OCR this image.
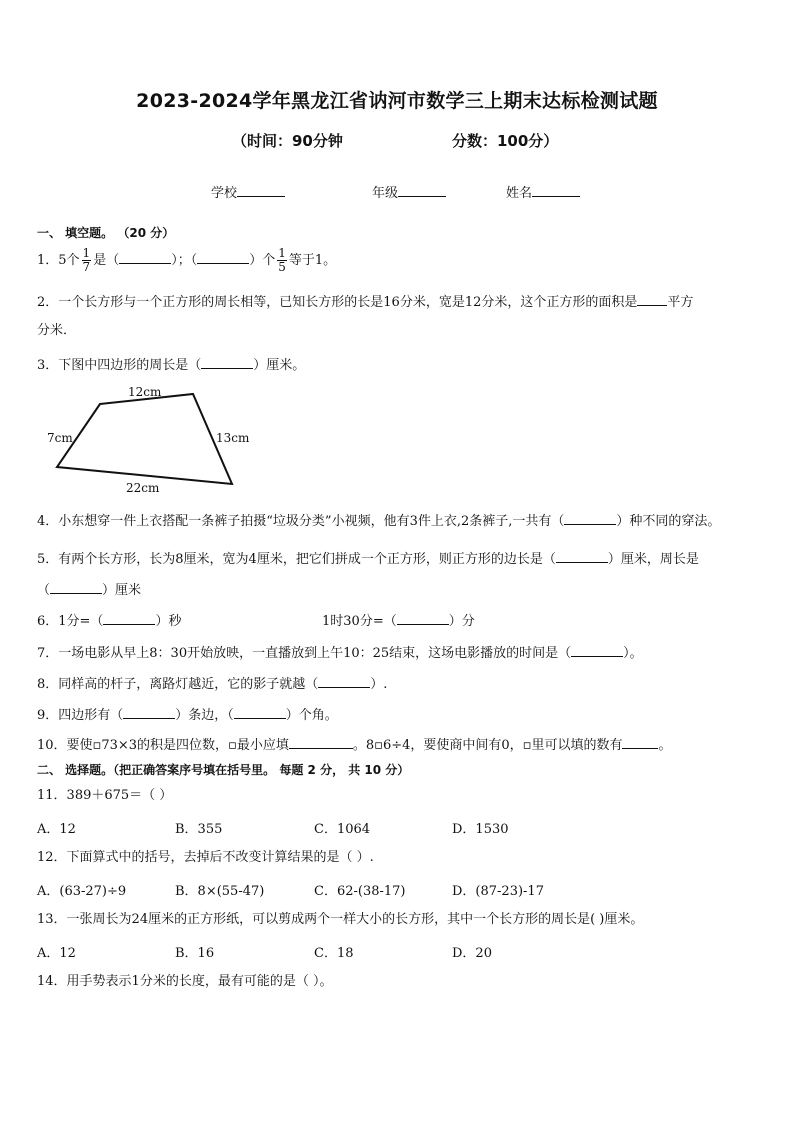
2023-2024学年黑龙江省讷河市数学三上期末达标检测试题
（时间：90分钟	分数：100分）
学校	年级	姓名
一、 填空题。 （20 分）
1．5个 $\frac{1}{7}$ 是（	）；（	）个 $\frac{1}{5}$ 等于1。
2．一个长方形与一个正方形的周长相等，已知长方形的长是16分米，宽是12分米，这个正方形的面积是 平方
分米．
3．下图中四边形的周长是（	）厘米。
12cm
7cm	13cm
22cm
4．小东想穿一件上衣搭配一条裤子拍摄“垃圾分类”小视频，他有3件上衣,2条裤子,一共有（	）种不同的穿法。
5．有两个长方形，长为8厘米，宽为4厘米，把它们拼成一个正方形，则正方形的边长是（	）厘米，周长是
（	）厘米
6．1分=（	）秒	1时30分=（	）分
7．一场电影从早上8：30开始放映，一直播放到上午10：25结束，这场电影播放的时间是（	）。
8．同样高的杆子，离路灯越近，它的影子就越（	）.
9．四边形有（	）条边，（	）个角。
10．要使▫73×3的积是四位数，▫最小应填	。8▫6÷4，要使商中间有0，▫里可以填的数有	。
二、 选择题。（把正确答案序号填在括号里。 每题 2 分， 共 10 分）
11．389＋675＝（ ）
A．12	B．355	C．1064	D．1530
12．下面算式中的括号，去掉后不改变计算结果的是（ ）.
A．(63-27)÷9	B．8×(55-47)	C．62-(38-17)	D．(87-23)-17
13．一张周长为24厘米的正方形纸，可以剪成两个一样大小的长方形，其中一个长方形的周长是( )厘米。
A．12	B．16	C．18	D．20
14．用手势表示1分米的长度，最有可能的是（ ）。
